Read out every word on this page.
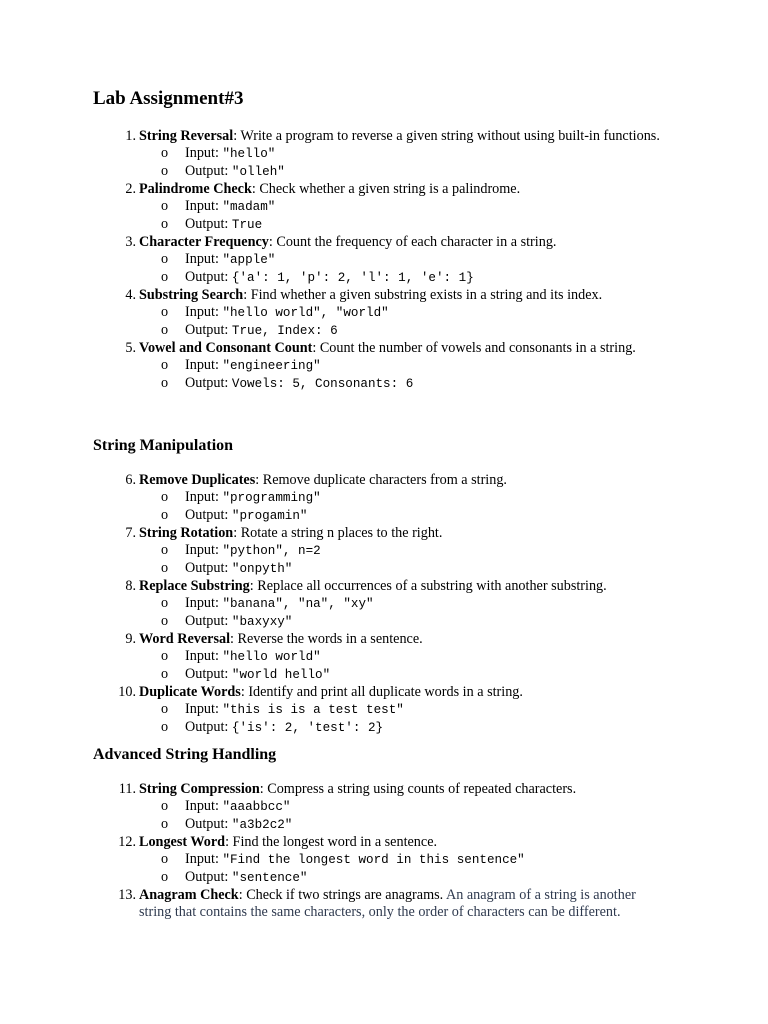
Lab Assignment#3
1. String Reversal: Write a program to reverse a given string without using built-in functions.
o Input: "hello"
o Output: "olleh"
2. Palindrome Check: Check whether a given string is a palindrome.
o Input: "madam"
o Output: True
3. Character Frequency: Count the frequency of each character in a string.
o Input: "apple"
o Output: {'a': 1, 'p': 2, 'l': 1, 'e': 1}
4. Substring Search: Find whether a given substring exists in a string and its index.
o Input: "hello world", "world"
o Output: True, Index: 6
5. Vowel and Consonant Count: Count the number of vowels and consonants in a string.
o Input: "engineering"
o Output: Vowels: 5, Consonants: 6
String Manipulation
6. Remove Duplicates: Remove duplicate characters from a string.
o Input: "programming"
o Output: "progamin"
7. String Rotation: Rotate a string n places to the right.
o Input: "python", n=2
o Output: "onpyth"
8. Replace Substring: Replace all occurrences of a substring with another substring.
o Input: "banana", "na", "xy"
o Output: "baxyxy"
9. Word Reversal: Reverse the words in a sentence.
o Input: "hello world"
o Output: "world hello"
10. Duplicate Words: Identify and print all duplicate words in a string.
o Input: "this is is a test test"
o Output: {'is': 2, 'test': 2}
Advanced String Handling
11. String Compression: Compress a string using counts of repeated characters.
o Input: "aaabbcc"
o Output: "a3b2c2"
12. Longest Word: Find the longest word in a sentence.
o Input: "Find the longest word in this sentence"
o Output: "sentence"
13. Anagram Check: Check if two strings are anagrams. An anagram of a string is another string that contains the same characters, only the order of characters can be different.
